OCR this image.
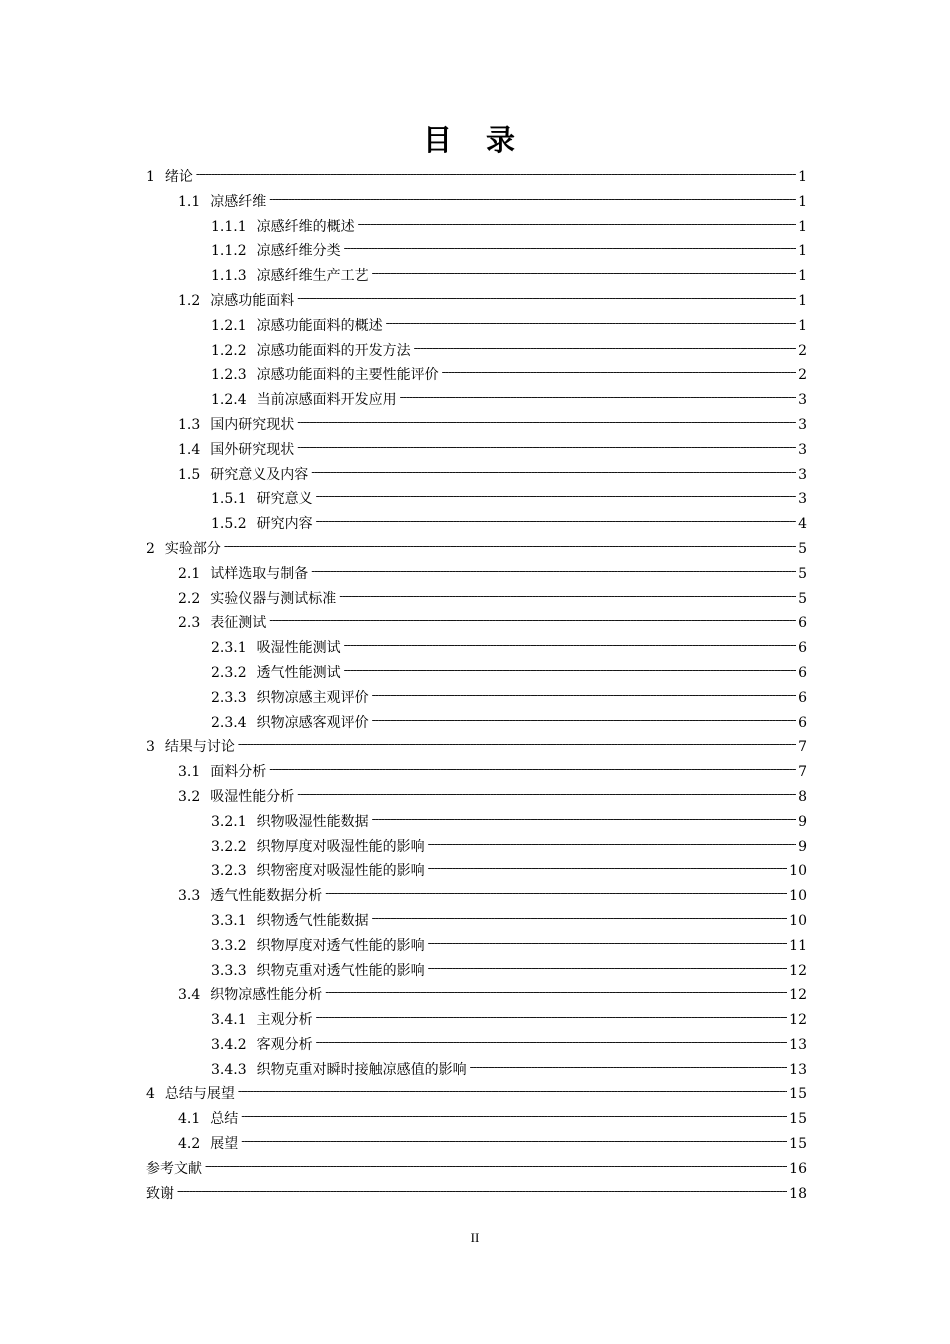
目 录
1 绪论 -----	1
1.1 凉感纤维 -----	1
1.1.1 凉感纤维的概述 -----	1
1.1.2 凉感纤维分类 -----	1
1.1.3 凉感纤维生产工艺 -----	1
1.2 凉感功能面料 -----	1
1.2.1 凉感功能面料的概述 -----	1
1.2.2 凉感功能面料的开发方法 -----	2
1.2.3 凉感功能面料的主要性能评价 -----	2
1.2.4 当前凉感面料开发应用 -----	3
1.3 国内研究现状 -----	3
1.4 国外研究现状 -----	3
1.5 研究意义及内容 -----	3
1.5.1 研究意义 -----	3
1.5.2 研究内容 -----	4
2 实验部分 -----	5
2.1 试样选取与制备 -----	5
2.2 实验仪器与测试标准 -----	5
2.3 表征测试 -----	6
2.3.1 吸湿性能测试 -----	6
2.3.2 透气性能测试 -----	6
2.3.3 织物凉感主观评价 -----	6
2.3.4 织物凉感客观评价 -----	6
3 结果与讨论 -----	7
3.1 面料分析 -----	7
3.2 吸湿性能分析 -----	8
3.2.1 织物吸湿性能数据 -----	9
3.2.2 织物厚度对吸湿性能的影响 -----	9
3.2.3 织物密度对吸湿性能的影响 -----	10
3.3 透气性能数据分析 -----	10
3.3.1 织物透气性能数据 -----	10
3.3.2 织物厚度对透气性能的影响 -----	11
3.3.3 织物克重对透气性能的影响 -----	12
3.4 织物凉感性能分析 -----	12
3.4.1 主观分析 -----	12
3.4.2 客观分析 -----	13
3.4.3 织物克重对瞬时接触凉感值的影响 -----	13
4 总结与展望 -----	15
4.1 总结 -----	15
4.2 展望 -----	15
参考文献 -----	16
致谢 -----	18
II
